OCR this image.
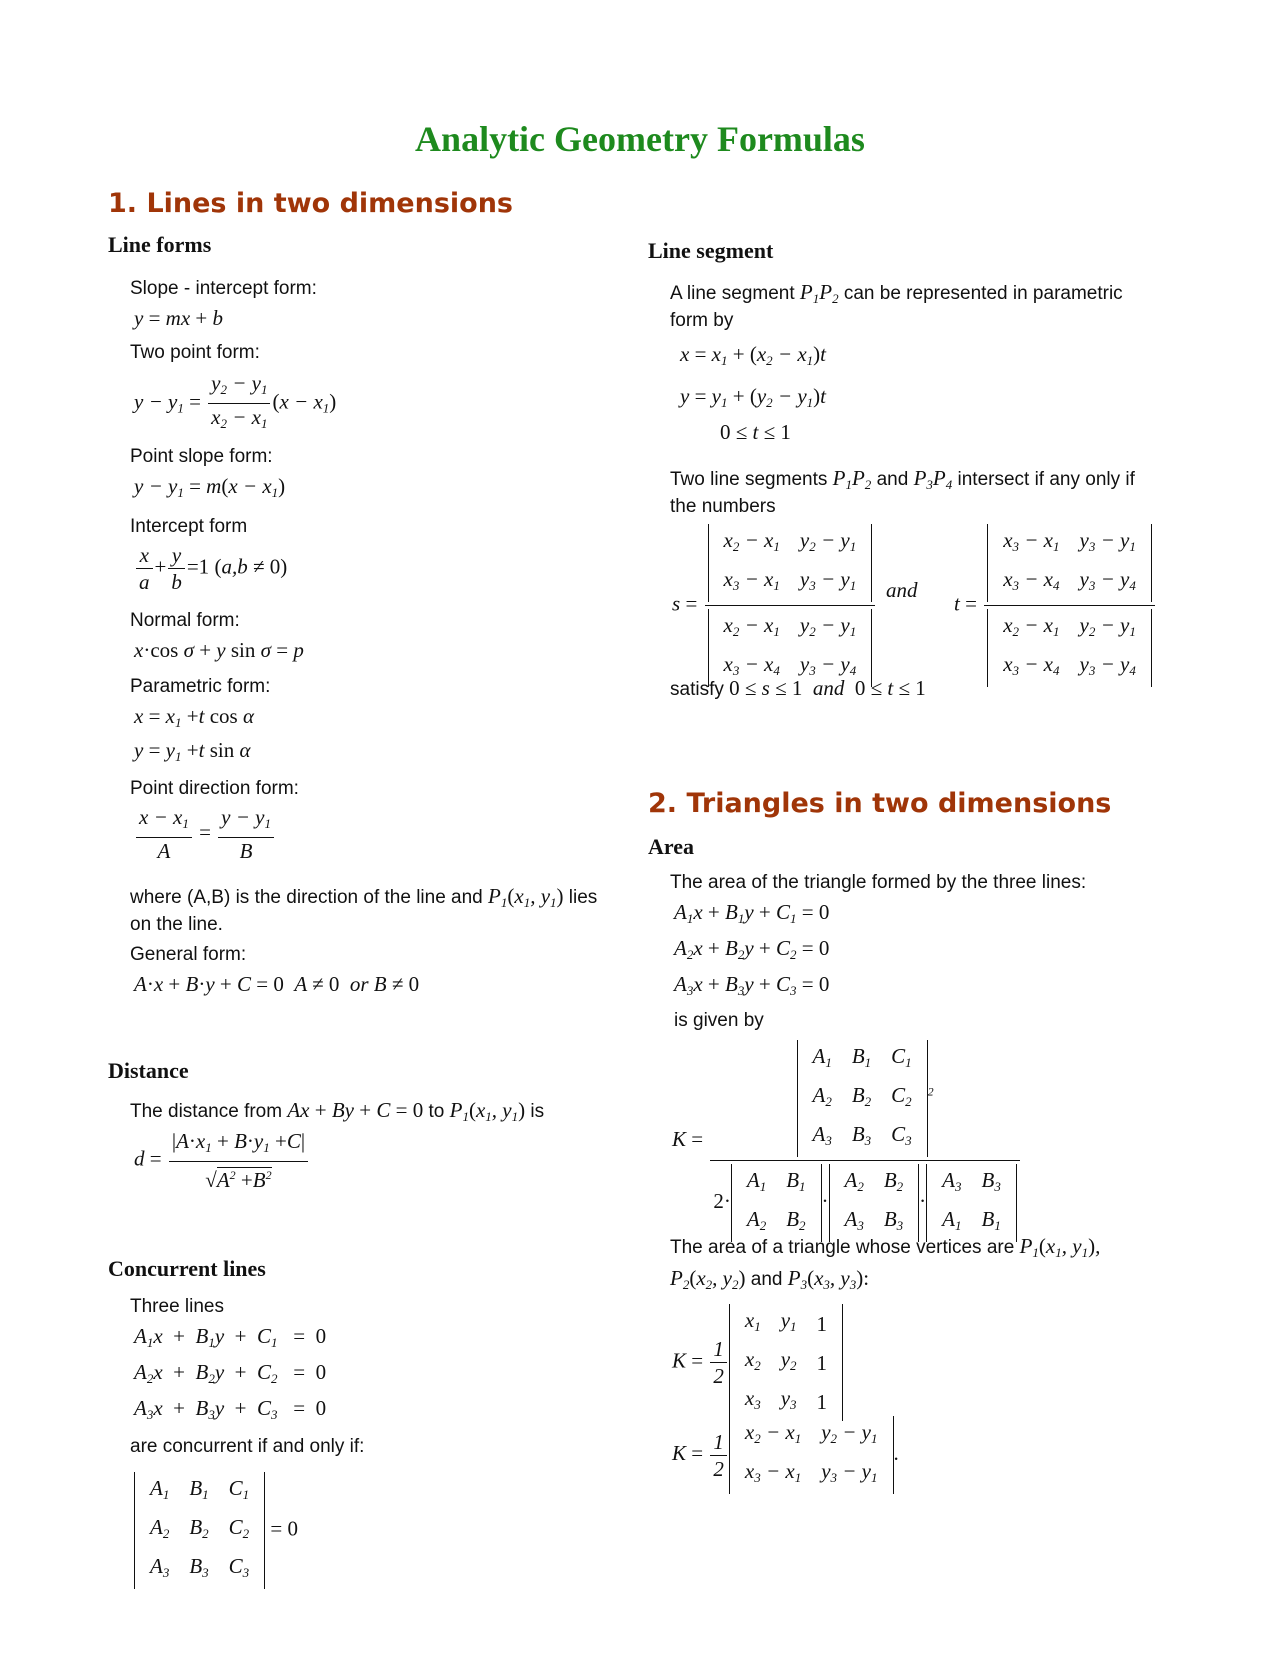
Analytic Geometry Formulas
1. Lines in two dimensions
Line forms
Slope - intercept form:
y = mx + b
Two point form:
$y - y_1 = \frac{y_2 - y_1}{x_2 - x_1} (x - x_1)$
Point slope form:
$y - y_1 = m(x - x_1)$
Intercept form
$\frac{x}{a} + \frac{y}{b} =1$ (a,b ≠ 0)
Normal form:
x·cos σ + y sin σ = p
Parametric form:
$x = x_1 +t$ cos α
$y = y_1 +t$ sin α
Point direction form:
$\frac{x - x_1}{A} = \frac{y - y_1}{B}$
where (A,B) is the direction of the line and $P_1(x_1$, $y_1$) lies
on the line.
General form:
A·x + B·y + C = 0  A ≠ 0  or B ≠ 0
Distance
The distance from Ax + By + C = 0 to $P_1(x_1$, $y_1$) is
$d = \frac{|A\cdot x_1 + B\cdot y_1 +C|}{√A^2 +B^2}$
Concurrent lines
Three lines
$A_1x + B_1y + C_1 = 0$
$A_2x + B_2y + C_2 = 0$
$A_3x + B_3y + C_3 = 0$
are concurrent if and only if:
$A_1$	$B_1$	$C_1$
$A_2$	$B_2$	$C_2$
$A_3$	$B_3$	$C_3$
= 0
Line segment
A line segment $P_1P_2$ can be represented in parametric
form by
$x = x_1 + (x_2 - x_1)t$
$y = y_1 + (y_2 - y_1)t$
0 ≤ t ≤ 1
Two line segments $P_1P_2$ and $P_3P_4$ intersect if any only if
the numbers
$s = x_2 - x_1$	$y_2 - y_1$
$x_3 - x_1$	$y_3 - y_1$
$x_2 - x_1$	$y_2 - y_1$
$x_3 - x_4$	$y_3 - y_4$ and
$t = x_3 - x_1$	$y_3 - y_1$
$x_3 - x_4$	$y_3 - y_4$
$x_2 - x_1$	$y_2 - y_1$
$x_3 - x_4$	$y_3 - y_4$
satisfy 0 ≤ s ≤ 1  and  0 ≤ t ≤ 1
2. Triangles in two dimensions
Area
The area of the triangle formed by the three lines:
$A_1x + B_1y + C_1 = 0$
$A_2x + B_2y + C_2 = 0$
$A_3x + B_3y + C_3 = 0$
is given by
$K = A_1$	$B_1$	$C_1$
$A_2$	$B_2$	$C_2$
$A_3$	$B_3$	$C_3$
$^2$
2·
$A_1$	$B_1$
$A_2$	$B_2$
·
$A_2$	$B_2$
$A_3$	$B_3$
·
$A_3$	$B_3$
$A_1$	$B_1$
The area of a triangle whose vertices are $P_1(x_1$, $y_1$),
$P_2(x_2$, $y_2$) and $P_3(x_3$, $y_3$):
$K = \frac{1}{2}$
$x_1$	$y_1$	1
$x_2$	$y_2$	1
$x_3$	$y_3$	1
$K = \frac{1}{2} x_2 - x_1$	$y_2 - y_1$
$x_3 - x_1$	$y_3 - y_1$
.
